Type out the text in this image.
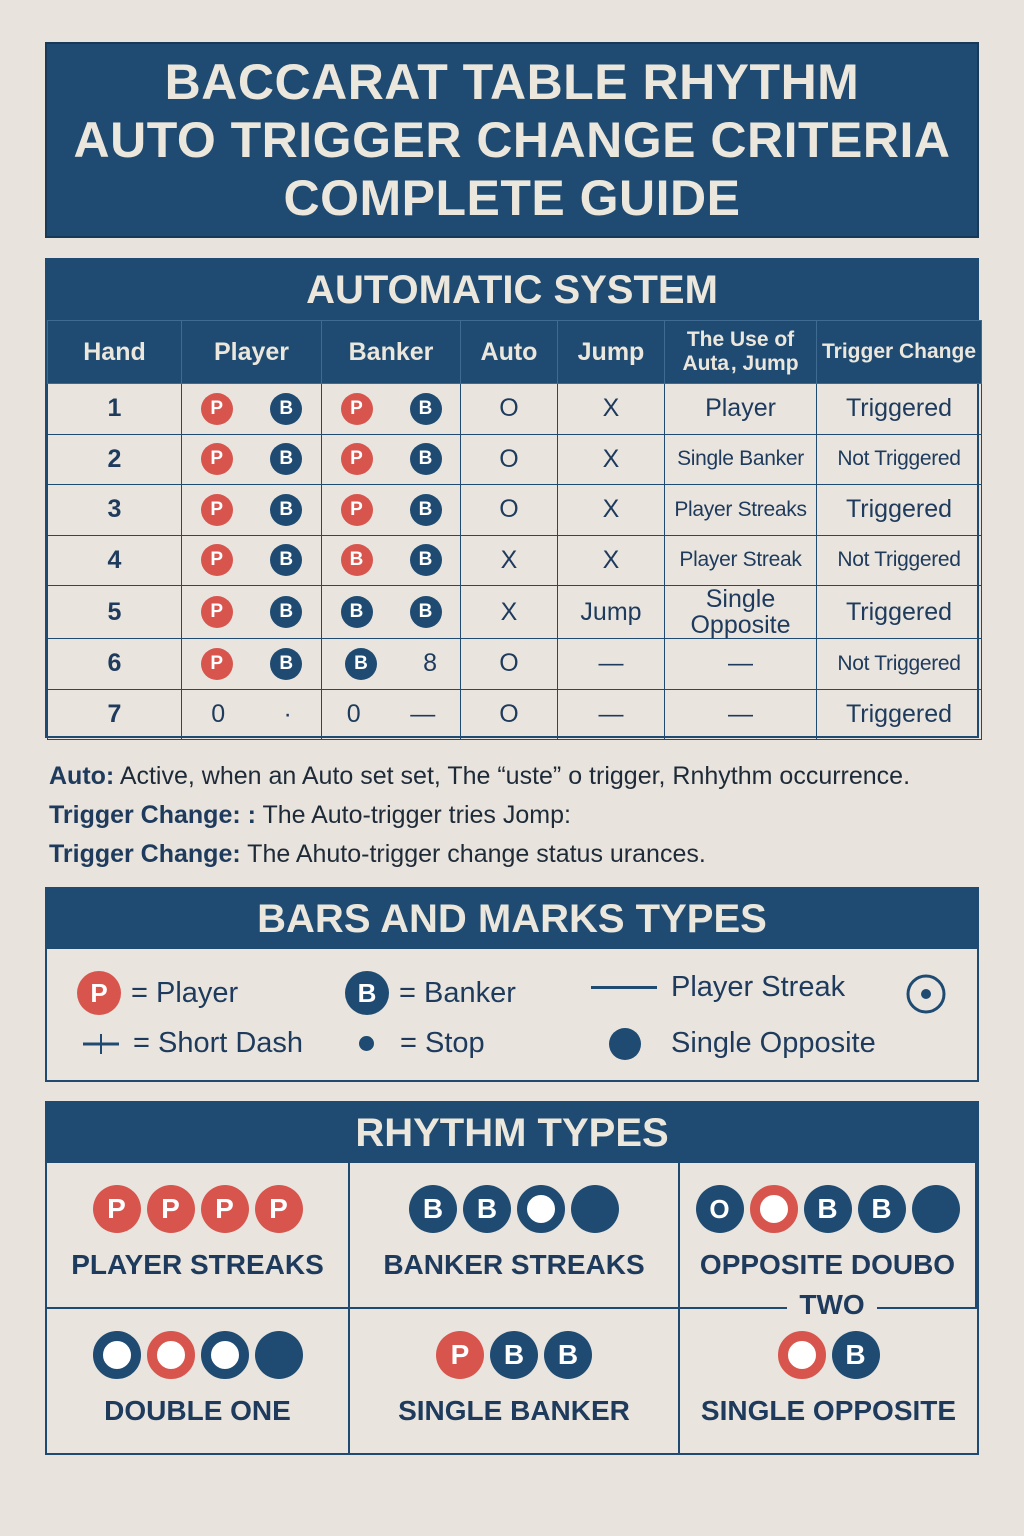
BACCARAT TABLE RHYTHM
AUTO TRIGGER CHANGE CRITERIA
COMPLETE GUIDE
AUTOMATIC SYSTEM
Hand	Player	Banker	Auto	Jump	The Use of Auta , Jump	Trigger Change
1	P B	P B	O	X	Player	Triggered
2	P B	P B	O	X	Single Banker	Not Triggered
3	P B	P B	O	X	Player Streaks	Triggered
4	P B	B B	X	X	Player Streak	Not Triggered
5	P B	B B	X	Jump	Single Opposite	Triggered
6	P B	B 8	O	—	—	Not Triggered
7	0 ·	0 —	O	—	—	Triggered
Auto: Active, when an Auto set set, The “uste” o trigger, Rnhythm occurrence.
Trigger Change: : The Auto-trigger tries Jomp:
Trigger Change: The Ahuto-trigger change status urances.
BARS AND MARKS TYPES
P = Player	B = Banker	Player Streak
= Short Dash	= Stop	Single Opposite
RHYTHM TYPES
P	P	P	P
PLAYER STREAKS
B	B
BANKER STREAKS
O	B	B
OPPOSITE DOUBO
TWO
DOUBLE ONE
P	B	B
SINGLE BANKER
B
SINGLE OPPOSITE
